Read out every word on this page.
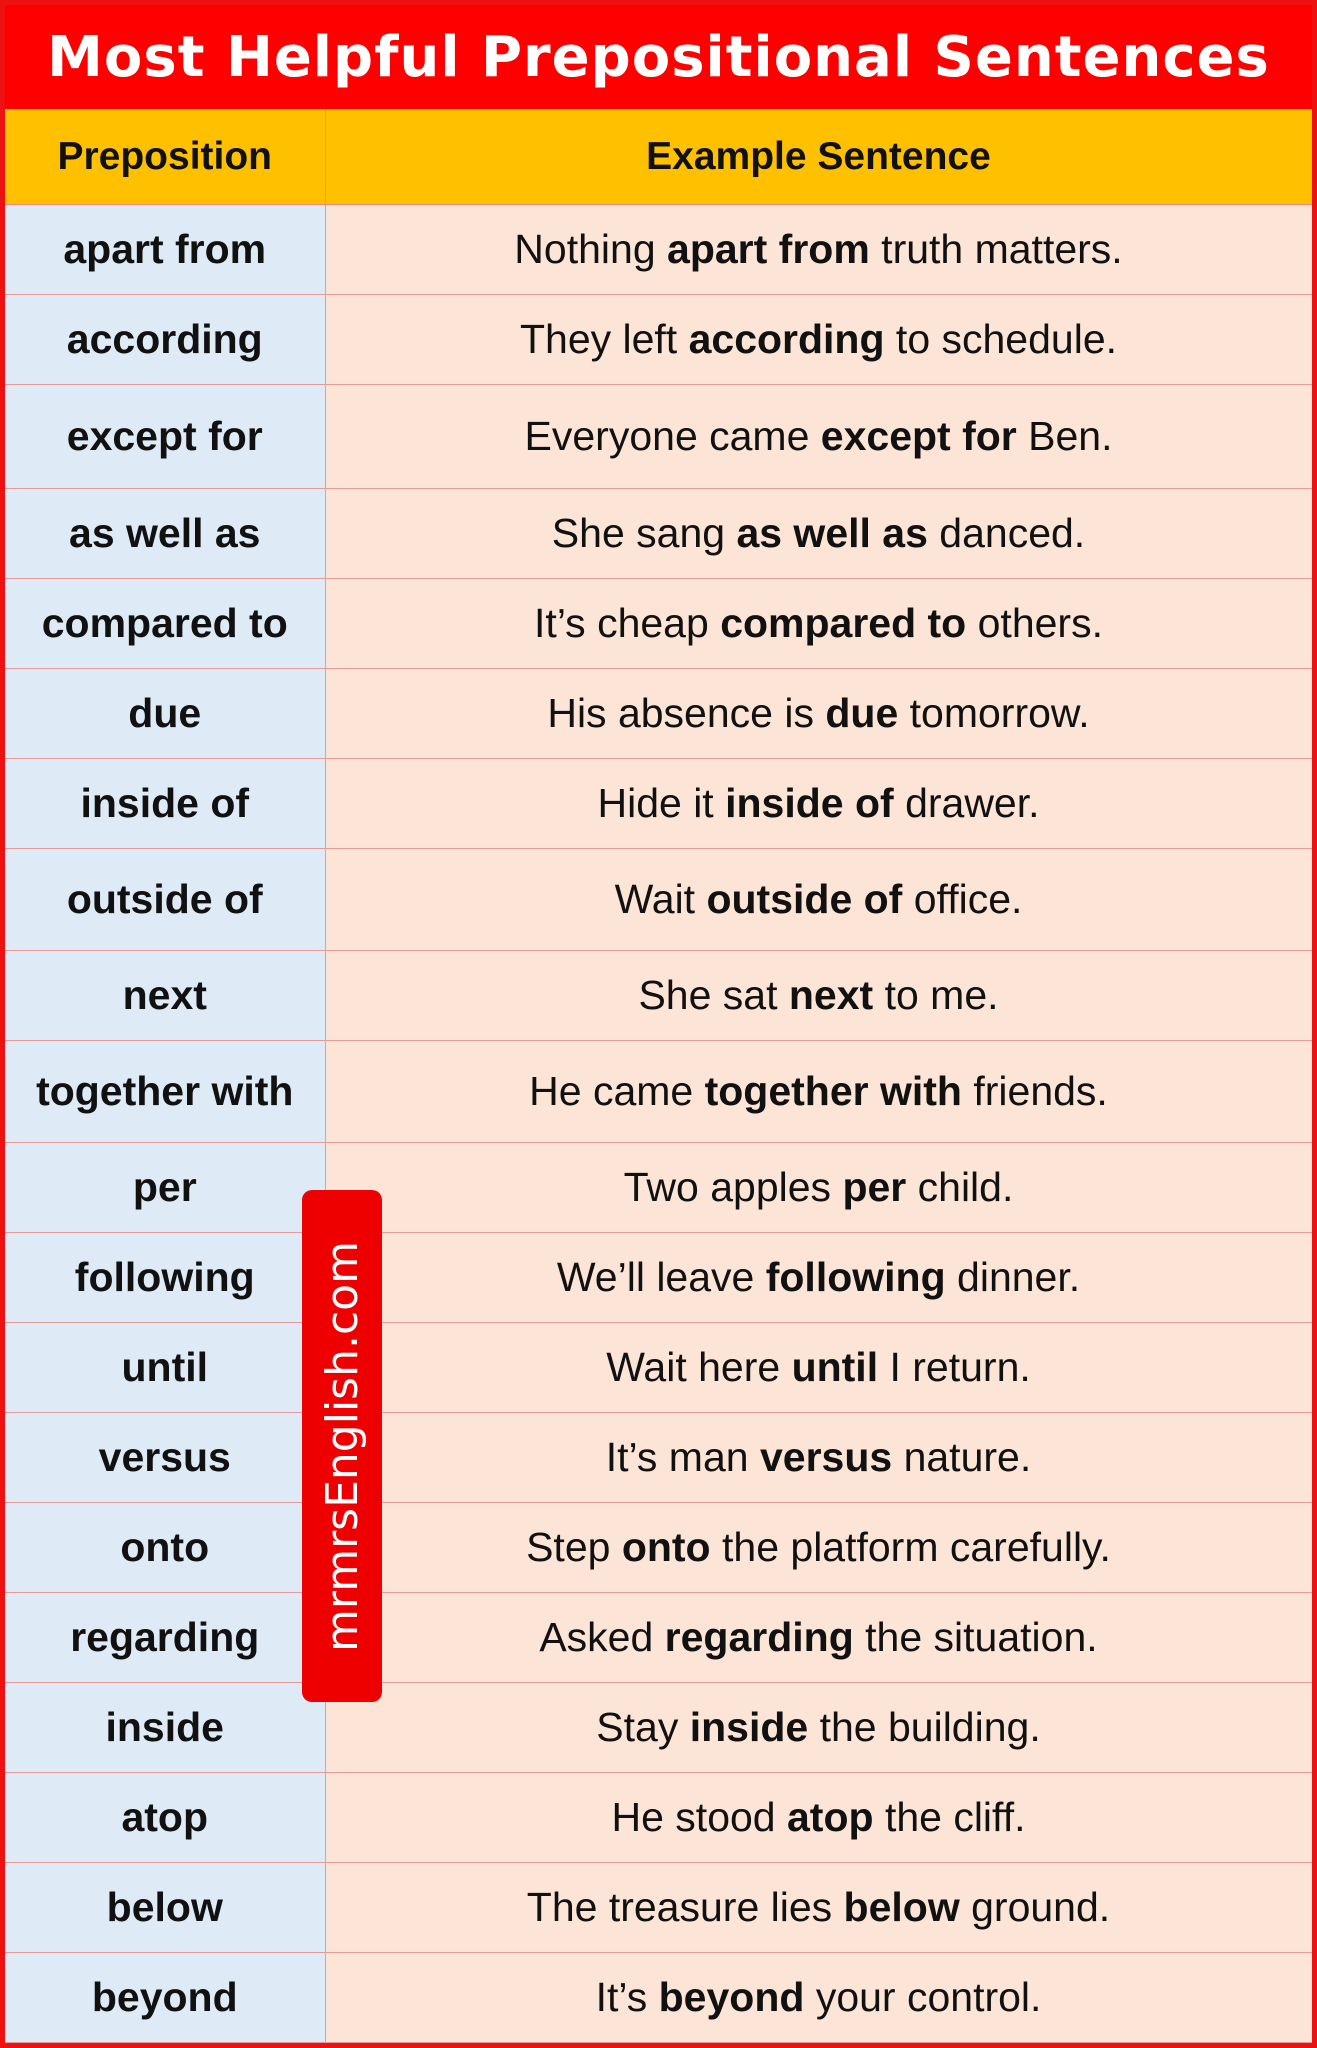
Most Helpful Prepositional Sentences
Preposition	Example Sentence
apart from	Nothing apart from truth matters.
according	They left according to schedule.
except for	Everyone came except for Ben.
as well as	She sang as well as danced.
compared to	It’s cheap compared to others.
due	His absence is due tomorrow.
inside of	Hide it inside of drawer.
outside of	Wait outside of office.
next	She sat next to me.
together with	He came together with friends.
per	Two apples per child.
following	We’ll leave following dinner.
until	Wait here until I return.
versus	It’s man versus nature.
onto	Step onto the platform carefully.
regarding	Asked regarding the situation.
inside	Stay inside the building.
atop	He stood atop the cliff.
below	The treasure lies below ground.
beyond	It’s beyond your control.
mrmrsEnglish.com
